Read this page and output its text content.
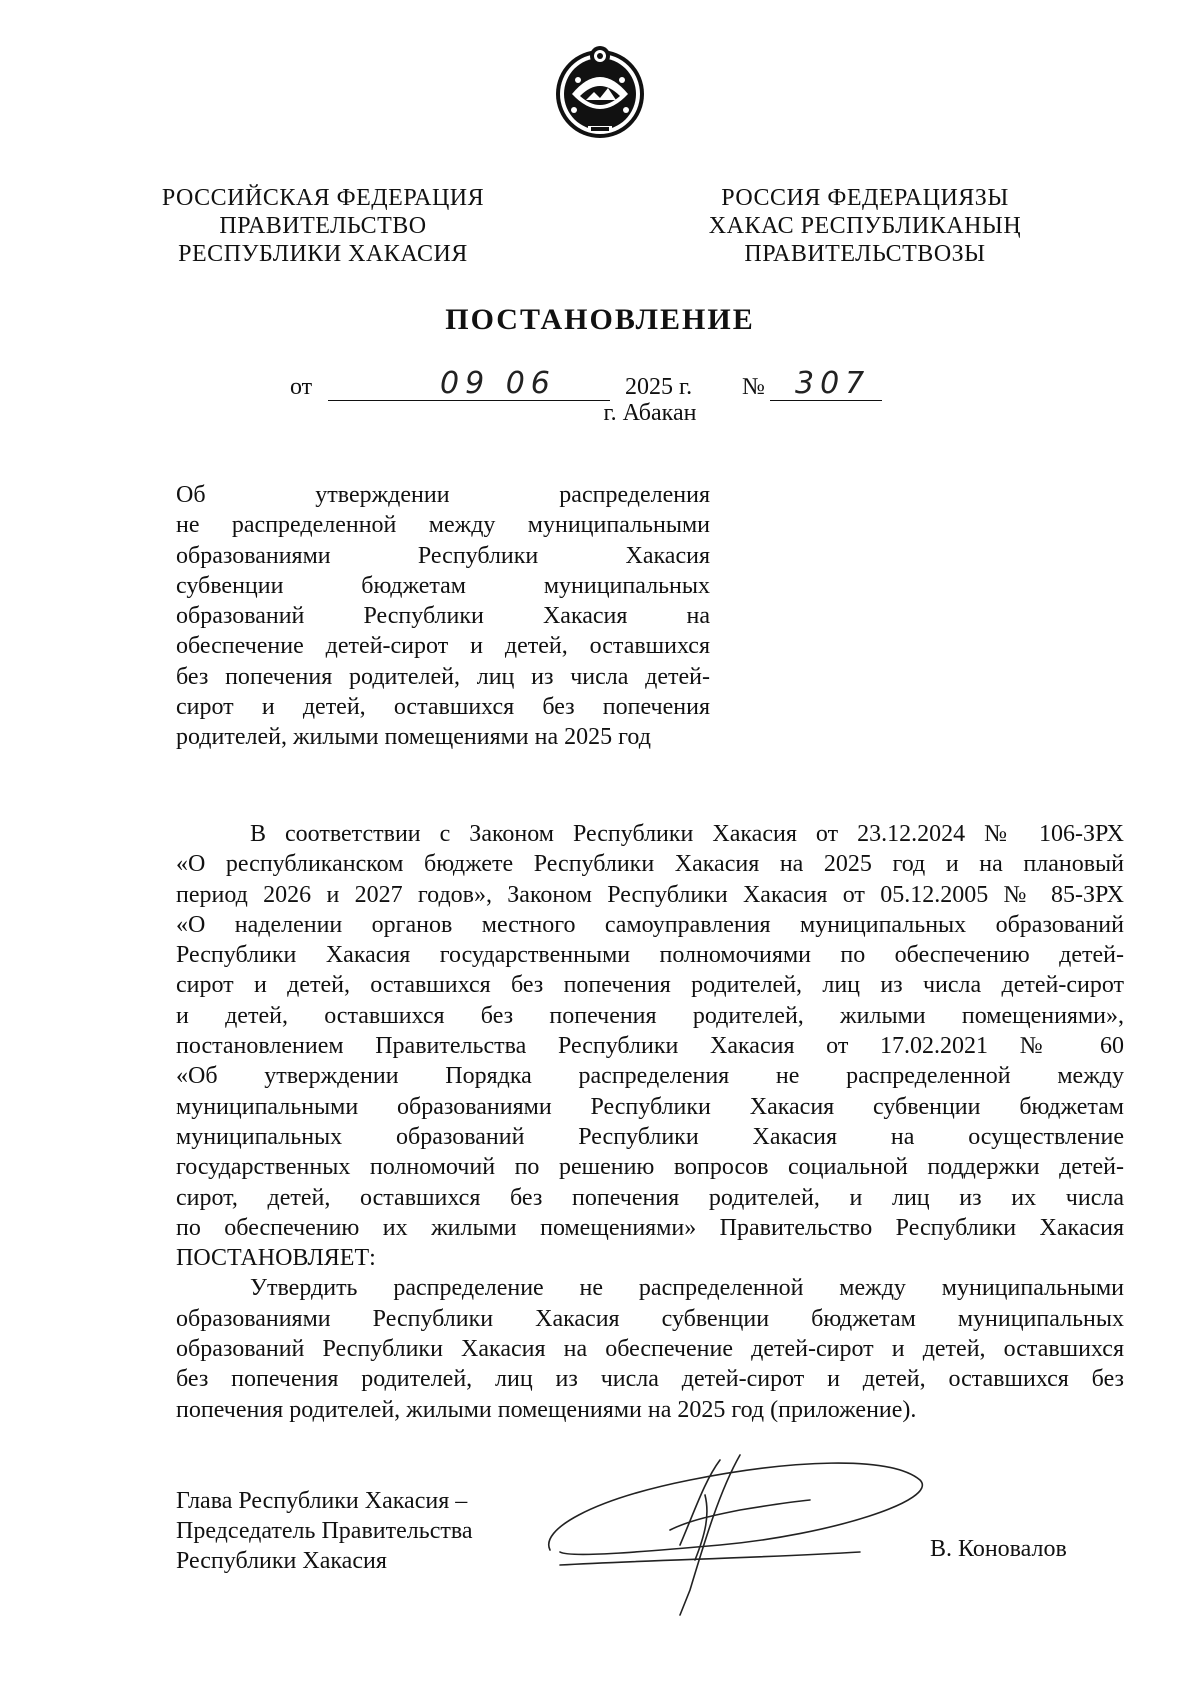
РОССИЙСКАЯ ФЕДЕРАЦИЯ
ПРАВИТЕЛЬСТВО
РЕСПУБЛИКИ ХАКАСИЯ
РОССИЯ ФЕДЕРАЦИЯЗЫ
ХАКАС РЕСПУБЛИКАНЫҢ
ПРАВИТЕЛЬСТВОЗЫ
ПОСТАНОВЛЕНИЕ
от	09 06	2025 г. № 307
г. Абакан
Об утверждении распределения
не распределенной между муниципальными
образованиями Республики Хакасия
субвенции бюджетам муниципальных
образований Республики Хакасия на
обеспечение детей-сирот и детей, оставшихся
без попечения родителей, лиц из числа детей-
сирот и детей, оставшихся без попечения
родителей, жилыми помещениями на 2025 год
В соответствии с Законом Республики Хакасия от 23.12.2024 № 106-ЗРХ
«О республиканском бюджете Республики Хакасия на 2025 год и на плановый
период 2026 и 2027 годов», Законом Республики Хакасия от 05.12.2005 № 85-ЗРХ
«О наделении органов местного самоуправления муниципальных образований
Республики Хакасия государственными полномочиями по обеспечению детей-
сирот и детей, оставшихся без попечения родителей, лиц из числа детей-сирот
и детей, оставшихся без попечения родителей, жилыми помещениями»,
постановлением Правительства Республики Хакасия от 17.02.2021 № 60
«Об утверждении Порядка распределения не распределенной между
муниципальными образованиями Республики Хакасия субвенции бюджетам
муниципальных образований Республики Хакасия на осуществление
государственных полномочий по решению вопросов социальной поддержки детей-
сирот, детей, оставшихся без попечения родителей, и лиц из их числа
по обеспечению их жилыми помещениями» Правительство Республики Хакасия
ПОСТАНОВЛЯЕТ:
Утвердить распределение не распределенной между муниципальными
образованиями Республики Хакасия субвенции бюджетам муниципальных
образований Республики Хакасия на обеспечение детей-сирот и детей, оставшихся
без попечения родителей, лиц из числа детей-сирот и детей, оставшихся без
попечения родителей, жилыми помещениями на 2025 год (приложение).
Глава Республики Хакасия –
Председатель Правительства
Республики Хакасия	В. Коновалов
